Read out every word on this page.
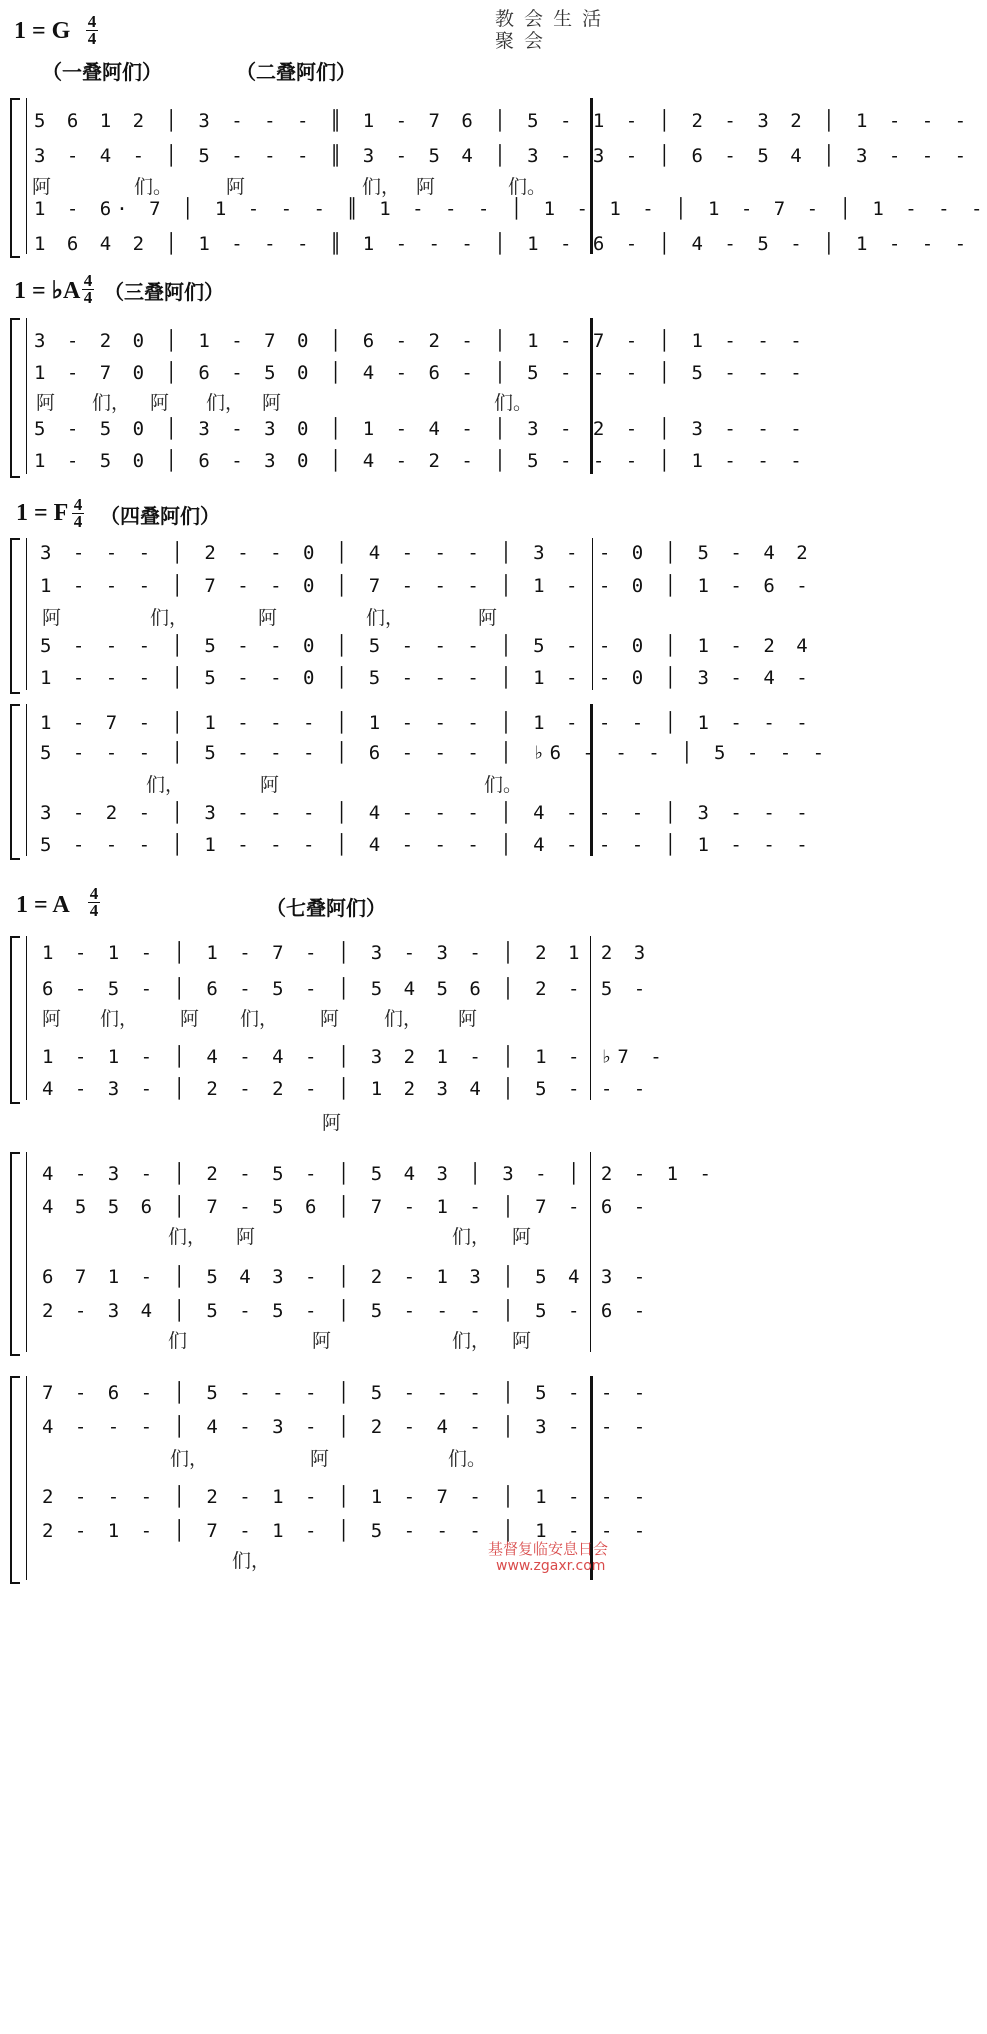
1 = G 4
4
教 会 生 活
聚 会
（一叠阿们）	（二叠阿们）
5 6 1 2 │ 3 - - - ║ 1 - 7 6 │ 5 - 1 - │ 2 - 3 2 │ 1 - - -
3 - 4 - │ 5 - - - ║ 3 - 5 4 │ 3 - 3 - │ 6 - 5 4 │ 3 - - -
阿	们。	阿	们， 阿	们。
1 - 6· 7 │ 1 - - - ║ 1 - - - │ 1 - 1 - │ 1 - 7 - │ 1 - - -
1 6 4 2 │ 1 - - - ║ 1 - - - │ 1 - 6 - │ 4 - 5 - │ 1 - - -
1 = ♭A 4
4 （三叠阿们）
3 - 2 0 │ 1 - 7 0 │ 6 - 2 - │ 1 - 7 - │ 1 - - -
1 - 7 0 │ 6 - 5 0 │ 4 - 6 - │ 5 - - - │ 5 - - -
阿 们， 阿 们， 阿	们。
5 - 5 0 │ 3 - 3 0 │ 1 - 4 - │ 3 - 2 - │ 3 - - -
1 - 5 0 │ 6 - 3 0 │ 4 - 2 - │ 5 - - - │ 1 - - -
1 = F 4
4 （四叠阿们）
3 - - - │ 2 - - 0 │ 4 - - - │ 3 - - 0 │ 5 - 4 2
1 - - - │ 7 - - 0 │ 7 - - - │ 1 - - 0 │ 1 - 6 -
阿	们，	阿	们，	阿
5 - - - │ 5 - - 0 │ 5 - - - │ 5 - - 0 │ 1 - 2 4
1 - - - │ 5 - - 0 │ 5 - - - │ 1 - - 0 │ 3 - 4 -
1 - 7 - │ 1 - - - │ 1 - - - │ 1 - - - │ 1 - - -
5 - - - │ 5 - - - │ 6 - - - │ ♭6 - - - │ 5 - - -
们，	阿	们。
3 - 2 - │ 3 - - - │ 4 - - - │ 4 - - - │ 3 - - -
5 - - - │ 1 - - - │ 4 - - - │ 4 - - - │ 1 - - -
1 = A 4
4	（七叠阿们）
1 - 1 - │ 1 - 7 - │ 3 - 3 - │ 2 1 2 3
6 - 5 - │ 6 - 5 - │ 5 4 5 6 │ 2 - 5 -
阿 们， 阿 们， 阿 们， 阿
1 - 1 - │ 4 - 4 - │ 3 2 1 - │ 1 - ♭7 -
4 - 3 - │ 2 - 2 - │ 1 2 3 4 │ 5 - - -
阿
4 - 3 - │ 2 - 5 - │ 5 4 3 │ 3 - │ 2 - 1 -
4 5 5 6 │ 7 - 5 6 │ 7 - 1 - │ 7 - 6 -
们， 阿	们， 阿
6 7 1 - │ 5 4 3 - │ 2 - 1 3 │ 5 4 3 -
2 - 3 4 │ 5 - 5 - │ 5 - - - │ 5 - 6 -
们	阿	们， 阿
7 - 6 - │ 5 - - - │ 5 - - - │ 5 - - -
4 - - - │ 4 - 3 - │ 2 - 4 - │ 3 - - -
们，	阿	们。
2 - - - │ 2 - 1 - │ 1 - 7 - │ 1 - - -
2 - 1 - │ 7 - 1 - │ 5 - - - │ 1 - - -
们，
基督复临安息日会
www.zgaxr.com
